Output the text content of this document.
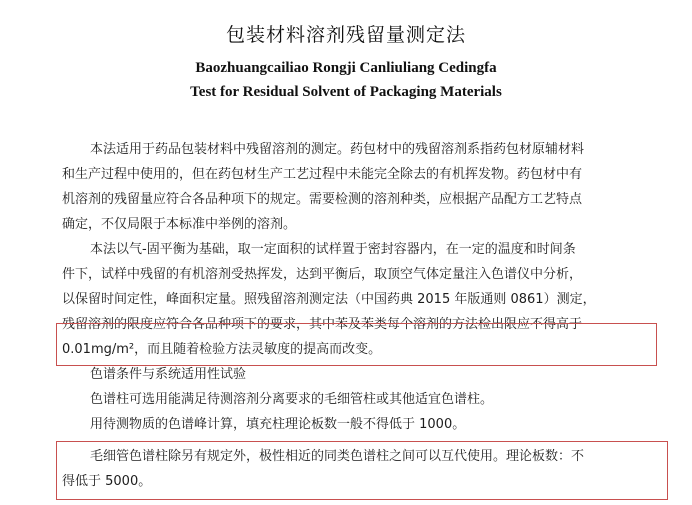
包装材料溶剂残留量测定法
Baozhuangcailiao Rongji Canliuliang Cedingfa
Test for Residual Solvent of Packaging Materials
本法适用于药品包装材料中残留溶剂的测定。药包材中的残留溶剂系指药包材原辅材料
和生产过程中使用的，但在药包材生产工艺过程中未能完全除去的有机挥发物。药包材中有
机溶剂的残留量应符合各品种项下的规定。需要检测的溶剂种类，应根据产品配方工艺特点
确定，不仅局限于本标准中举例的溶剂。
本法以气-固平衡为基础，取一定面积的试样置于密封容器内，在一定的温度和时间条
件下，试样中残留的有机溶剂受热挥发，达到平衡后，取顶空气体定量注入色谱仪中分析，
以保留时间定性，峰面积定量。照残留溶剂测定法（中国药典 2015 年版通则 0861）测定，
残留溶剂的限度应符合各品种项下的要求，其中苯及苯类每个溶剂的方法检出限应不得高于
0.01mg/m²，而且随着检验方法灵敏度的提高而改变。
色谱条件与系统适用性试验
色谱柱可选用能满足待测溶剂分离要求的毛细管柱或其他适宜色谱柱。
用待测物质的色谱峰计算，填充柱理论板数一般不得低于 1000。
毛细管色谱柱除另有规定外，极性相近的同类色谱柱之间可以互代使用。理论板数：不
得低于 5000。
